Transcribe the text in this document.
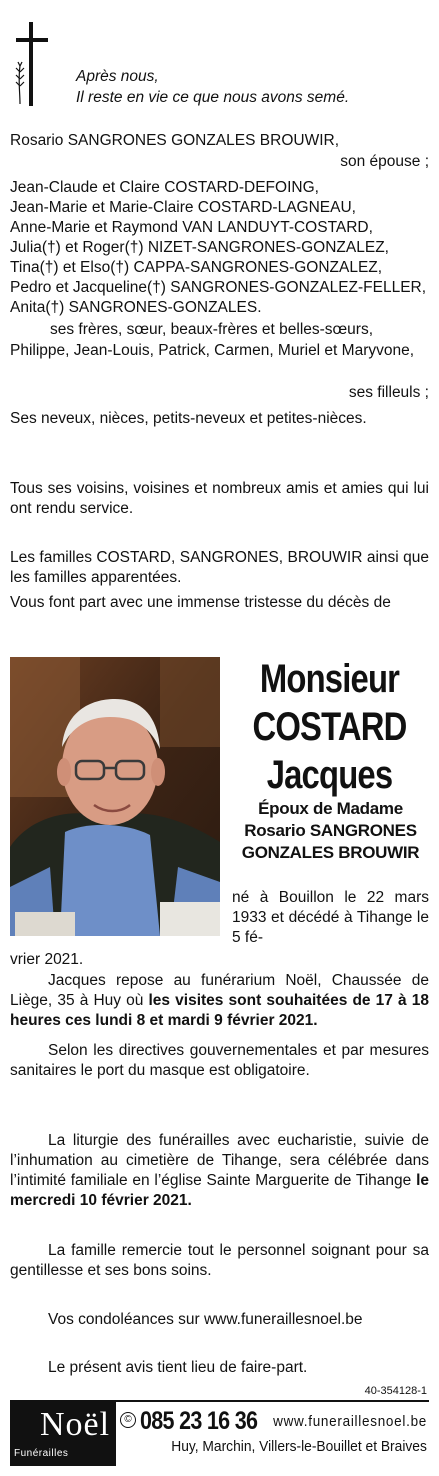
Après nous,
Il reste en vie ce que nous avons semé.
Rosario SANGRONES GONZALES BROUWIR,
son épouse ;
Jean-Claude et Claire COSTARD-DEFOING,
Jean-Marie et Marie-Claire COSTARD-LAGNEAU,
Anne-Marie et Raymond VAN LANDUYT-COSTARD,
Julia(†) et Roger(†) NIZET-SANGRONES-GONZALEZ,
Tina(†) et Elso(†) CAPPA-SANGRONES-GONZALEZ,
Pedro et Jacqueline(†) SANGRONES-GONZALEZ-FELLER,
Anita(†) SANGRONES-GONZALES.
ses frères, sœur, beaux-frères et belles-sœurs,
Philippe, Jean-Louis, Patrick, Carmen, Muriel et Maryvone,
ses filleuls ;
Ses neveux, nièces, petits-neveux et petites-nièces.
Tous ses voisins, voisines et nombreux amis et amies qui lui ont rendu service.
Les familles COSTARD, SANGRONES, BROUWIR ainsi que les familles apparentées.
Vous font part avec une immense tristesse du décès de
Monsieur
COSTARD
Jacques
Époux de Madame
Rosario SANGRONES
GONZALES BROUWIR
né à Bouillon le 22 mars 1933 et décédé à Tihange le 5 fé-
vrier 2021.
Jacques repose au funérarium Noël, Chaussée de Liège, 35 à Huy où les visites sont souhaitées de 17 à 18 heures ces lundi 8 et mardi 9 février 2021.
Selon les directives gouvernementales et par mesures sanitaires le port du masque est obligatoire.
La liturgie des funérailles avec eucharistie, suivie de l’inhumation au cimetière de Tihange, sera célébrée dans l’intimité familiale en l’église Sainte Marguerite de Tihange le mercredi 10 février 2021.
La famille remercie tout le personnel soignant pour sa gentillesse et ses bons soins.
Vos condoléances sur www.funeraillesnoel.be
Le présent avis tient lieu de faire-part.
40-354128-1
Noël
Funérailles
© 085 23 16 36 www.funeraillesnoel.be
Huy, Marchin, Villers-le-Bouillet et Braives
